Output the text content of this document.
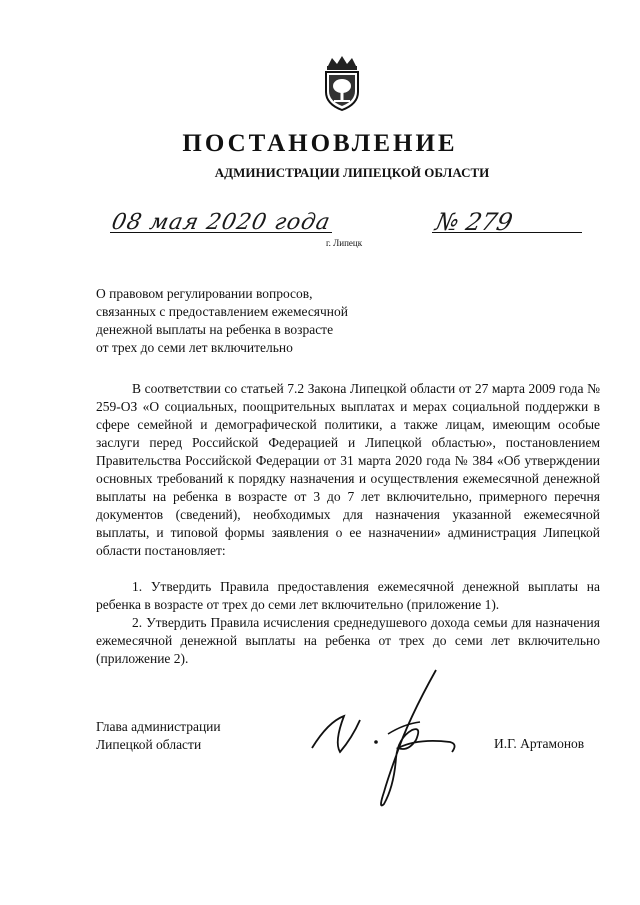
ПОСТАНОВЛЕНИЕ
АДМИНИСТРАЦИИ ЛИПЕЦКОЙ ОБЛАСТИ
08 мая 2020 года	№ 279
г. Липецк
О правовом регулировании вопросов,
связанных с предоставлением ежемесячной
денежной выплаты на ребенка в возрасте
от трех до семи лет включительно

В соответствии со статьей 7.2 Закона Липецкой области от 27 марта 2009 года № 259-ОЗ «О социальных, поощрительных выплатах и мерах социальной поддержки в сфере семейной и демографической политики, а также лицам, имеющим особые заслуги перед Российской Федерацией и Липецкой областью», постановлением Правительства Российской Федерации от 31 марта 2020 года № 384 «Об утверждении основных требований к порядку назначения и осуществления ежемесячной денежной выплаты на ребенка в возрасте от 3 до 7 лет включительно, примерного перечня документов (сведений), необходимых для назначения указанной ежемесячной выплаты, и типовой формы заявления о ее назначении» администрация Липецкой области постановляет:

1. Утвердить Правила предоставления ежемесячной денежной выплаты на ребенка в возрасте от трех до семи лет включительно (приложение 1).

2. Утвердить Правила исчисления среднедушевого дохода семьи для назначения ежемесячной денежной выплаты на ребенка от трех до семи лет включительно (приложение 2).

Глава администрации
Липецкой области	И.Г. Артамонов
